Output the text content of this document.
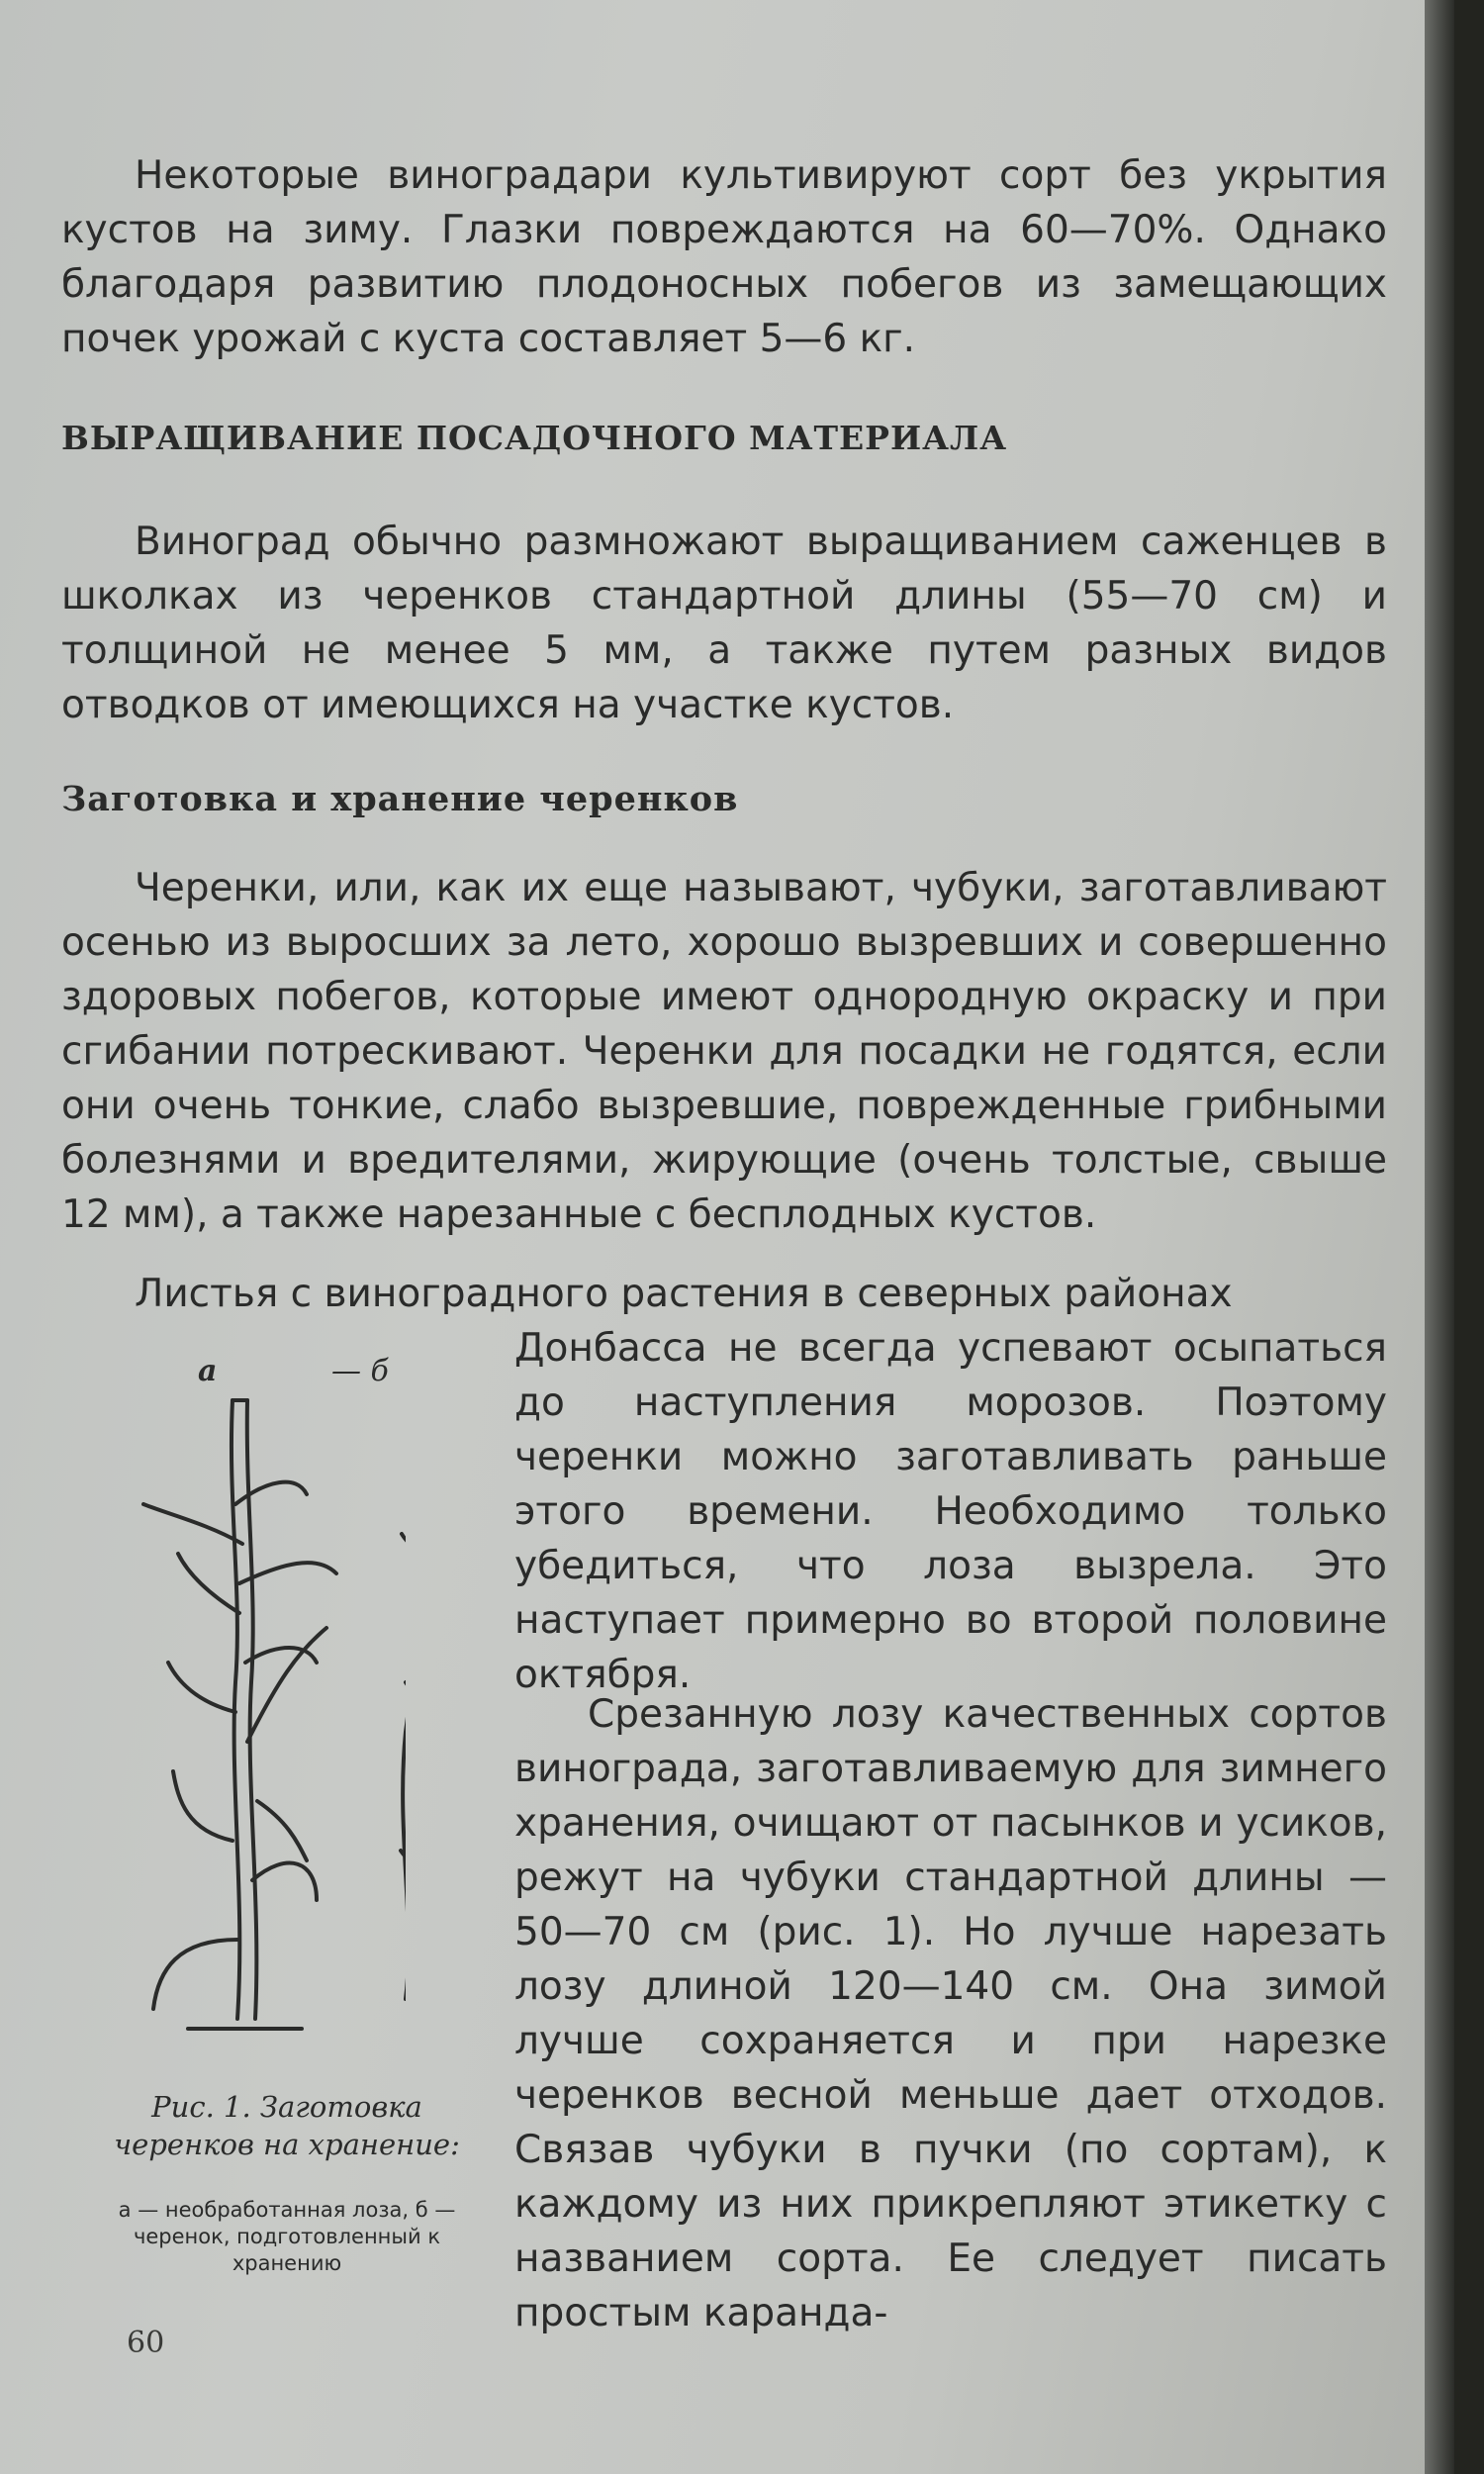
Некоторые виноградари культивируют сорт без укрытия кустов на зиму. Глазки повреждаются на 60—70%. Однако благодаря развитию плодоносных побегов из замещающих почек урожай с куста составляет 5—6 кг.

ВЫРАЩИВАНИЕ ПОСАДОЧНОГО МАТЕРИАЛА

Виноград обычно размножают выращиванием саженцев в школках из черенков стандартной длины (55—70 см) и толщиной не менее 5 мм, а также путем разных видов отводков от имеющихся на участке кустов.

Заготовка и хранение черенков

Черенки, или, как их еще называют, чубуки, заготавливают осенью из выросших за лето, хорошо вызревших и совершенно здоровых побегов, которые имеют однородную окраску и при сгибании потрескивают. Черенки для посадки не годятся, если они очень тонкие, слабо вызревшие, поврежденные грибными болезнями и вредителями, жирующие (очень толстые, свыше 12 мм), а также нарезанные с бесплодных кустов.

Листья с виноградного растения в северных районах

Донбасса не всегда успевают осыпаться до наступления морозов. Поэтому черенки можно заготавливать раньше этого времени. Необходимо только убедиться, что лоза вызрела. Это наступает примерно во второй половине октября.

Срезанную лозу качественных сортов винограда, заготавливаемую для зимнего хранения, очищают от пасынков и усиков, режут на чубуки стандартной длины — 50—70 см (рис. 1). Но лучше нарезать лозу длиной 120—140 см. Она зимой лучше сохраняется и при нарезке черенков весной меньше дает отходов. Связав чубуки в пучки (по сортам), к каждому из них прикрепляют этикетку с названием сорта. Ее следует писать простым каранда-

а	— б

Рис. 1. Заготовка черенков на хранение:

а — необработанная лоза, б — черенок, подготовленный к хранению

60
